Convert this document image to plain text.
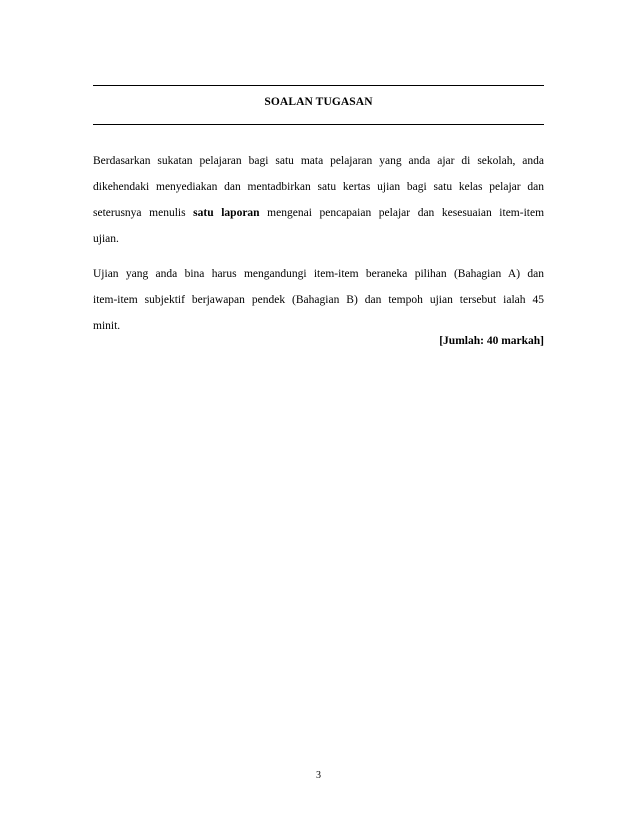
SOALAN TUGASAN
Berdasarkan sukatan pelajaran bagi satu mata pelajaran yang anda ajar di sekolah, anda
dikehendaki menyediakan dan mentadbirkan satu kertas ujian bagi satu kelas pelajar dan
seterusnya menulis satu laporan mengenai pencapaian pelajar dan kesesuaian item-item
ujian.
Ujian yang anda bina harus mengandungi item-item beraneka pilihan (Bahagian A) dan
item-item subjektif berjawapan pendek (Bahagian B) dan tempoh ujian tersebut ialah 45
minit.
[Jumlah: 40 markah]
3
